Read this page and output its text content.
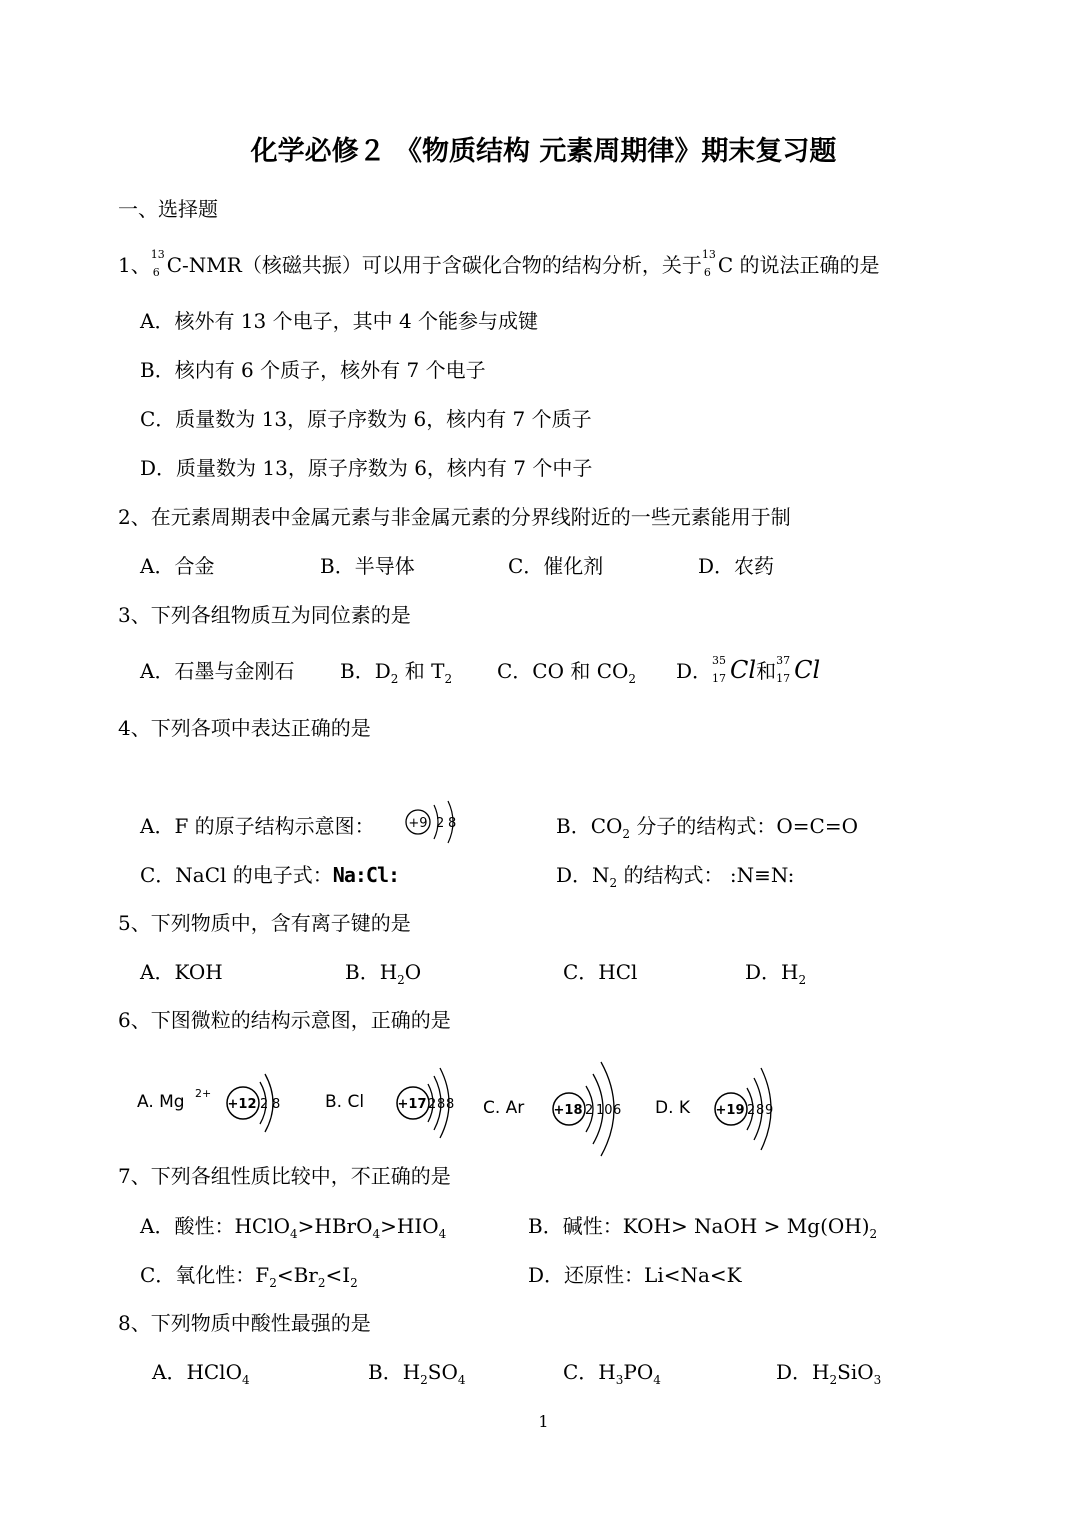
化学必修２ 《物质结构 元素周期律》期末复习题
一、选择题
1、 13
6 C-NMR（核磁共振）可以用于含碳化合物的结构分析，关于 13
6 C 的说法正确的是
A．核外有 13 个电子，其中 4 个能参与成键
B．核内有 6 个质子，核外有 7 个电子
C．质量数为 13，原子序数为 6，核内有 7 个质子
D．质量数为 13，原子序数为 6，核内有 7 个中子
2、在元素周期表中金属元素与非金属元素的分界线附近的一些元素能用于制
A．合金	B．半导体	C．催化剂	D．农药
3、下列各组物质互为同位素的是
A．石墨与金刚石 B．$D_2$ 和 $T_2$ C．CO 和 $CO_2$ D． 35
17 Cl和 37
17 Cl
4、下列各项中表达正确的是
A．F 的原子结构示意图：	+9 2 8	B．$CO_2$ 分子的结构式：O=C=O
C．NaCl 的电子式：Na:Cl:	D．$N_2$ 的结构式： :N≡N:
5、下列物质中，含有离子键的是
A．KOH	B．$H_2O$	C．HCl	D．$H_2$
6、下图微粒的结构示意图，正确的是
A. Mg 2+
+12 2 8	B. Cl	+17 2 8 8 C. Ar +18 2 10 6 D. K +19 2 8 9
7、下列各组性质比较中，不正确的是
A．酸性：$HClO_4>HBrO_4>HIO_4$	B．碱性：KOH> NaOH > $Mg(OH)_2$
C．氧化性：$F_2<Br_2<I_2$	D．还原性：Li<Na<K
8、下列物质中酸性最强的是
A．HClO$_4$	B．$H_2SO_4$	C．$H_3PO_4$	D．$H_2SiO_3$
1
